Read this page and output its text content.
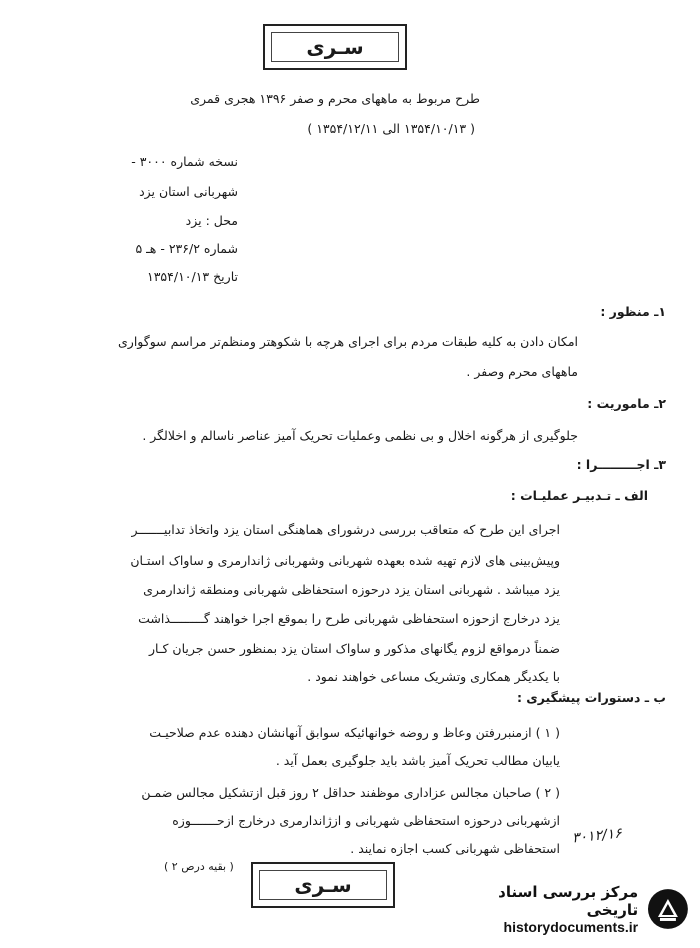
سـری
طرح مربوط به ماههای محرم و صفر ۱۳۹۶ هجری قمری
( ۱۳۵۴/۱۰/۱۳ الی ۱۳۵۴/۱۲/۱۱ )
نسخه شماره ۳۰۰۰ -
شهربانی استان یزد
محل : یزد
شماره ۲۳۶/۲ - هـ ۵
تاریخ ۱۳۵۴/۱۰/۱۳
۱ـ منظور :
امکان دادن به کلیه طبقات مردم برای اجرای هرچه با شکوهتر ومنظم‌تر مراسم سوگواری
ماههای محرم وصفر .
۲ـ ماموریت :
جلوگیری از هرگونه اخلال و بی نظمی وعملیات تحریک آمیز عناصر ناسالم و اخلالگر .
۳ـ اجـــــــــرا :
الف ـ تـدبیـر عملیـات :
اجرای این طرح که متعاقب بررسی درشورای هماهنگی استان یزد واتخاذ تدابیـــــــر
وپیش‌بینی های لازم تهیه شده بعهده شهربانی وشهربانی ژاندارمری و ساواک استـان
یزد میباشد . شهربانی استان یزد درحوزه استحفاظی شهربانی ومنطقه ژاندارمری
یزد درخارج ازحوزه استحفاظی شهربانی طرح را بموقع اجرا خواهند گـــــــــذاشت
ضمناً درمواقع لزوم یگانهای مذکور و ساواک استان یزد بمنظور حسن جریان کـار
با یکدیگر همکاری وتشریک مساعی خواهند نمود .
ب ـ دستورات پیشگیری :
( ۱ ) ازمنبررفتن وعاظ و روضه خوانهائیکه سوابق آنهانشان دهنده عدم صلاحیـت
یابیان مطالب تحریک آمیز باشد باید جلوگیری بعمل آید .
( ۲ ) صاحبان مجالس عزاداری موظفند حداقل ۲ روز قبل ازتشکیل مجالس ضمـن
ازشهربانی درحوزه استحفاظی شهربانی و ازژاندارمری درخارج ازحـــــــوزه
استحفاظی شهربانی کسب اجازه نمایند .
۳۰۱۲/۱۶
( بقیه درص ۲ )
سـری	مرکز بررسی اسناد تاریخی
historydocuments.ir
